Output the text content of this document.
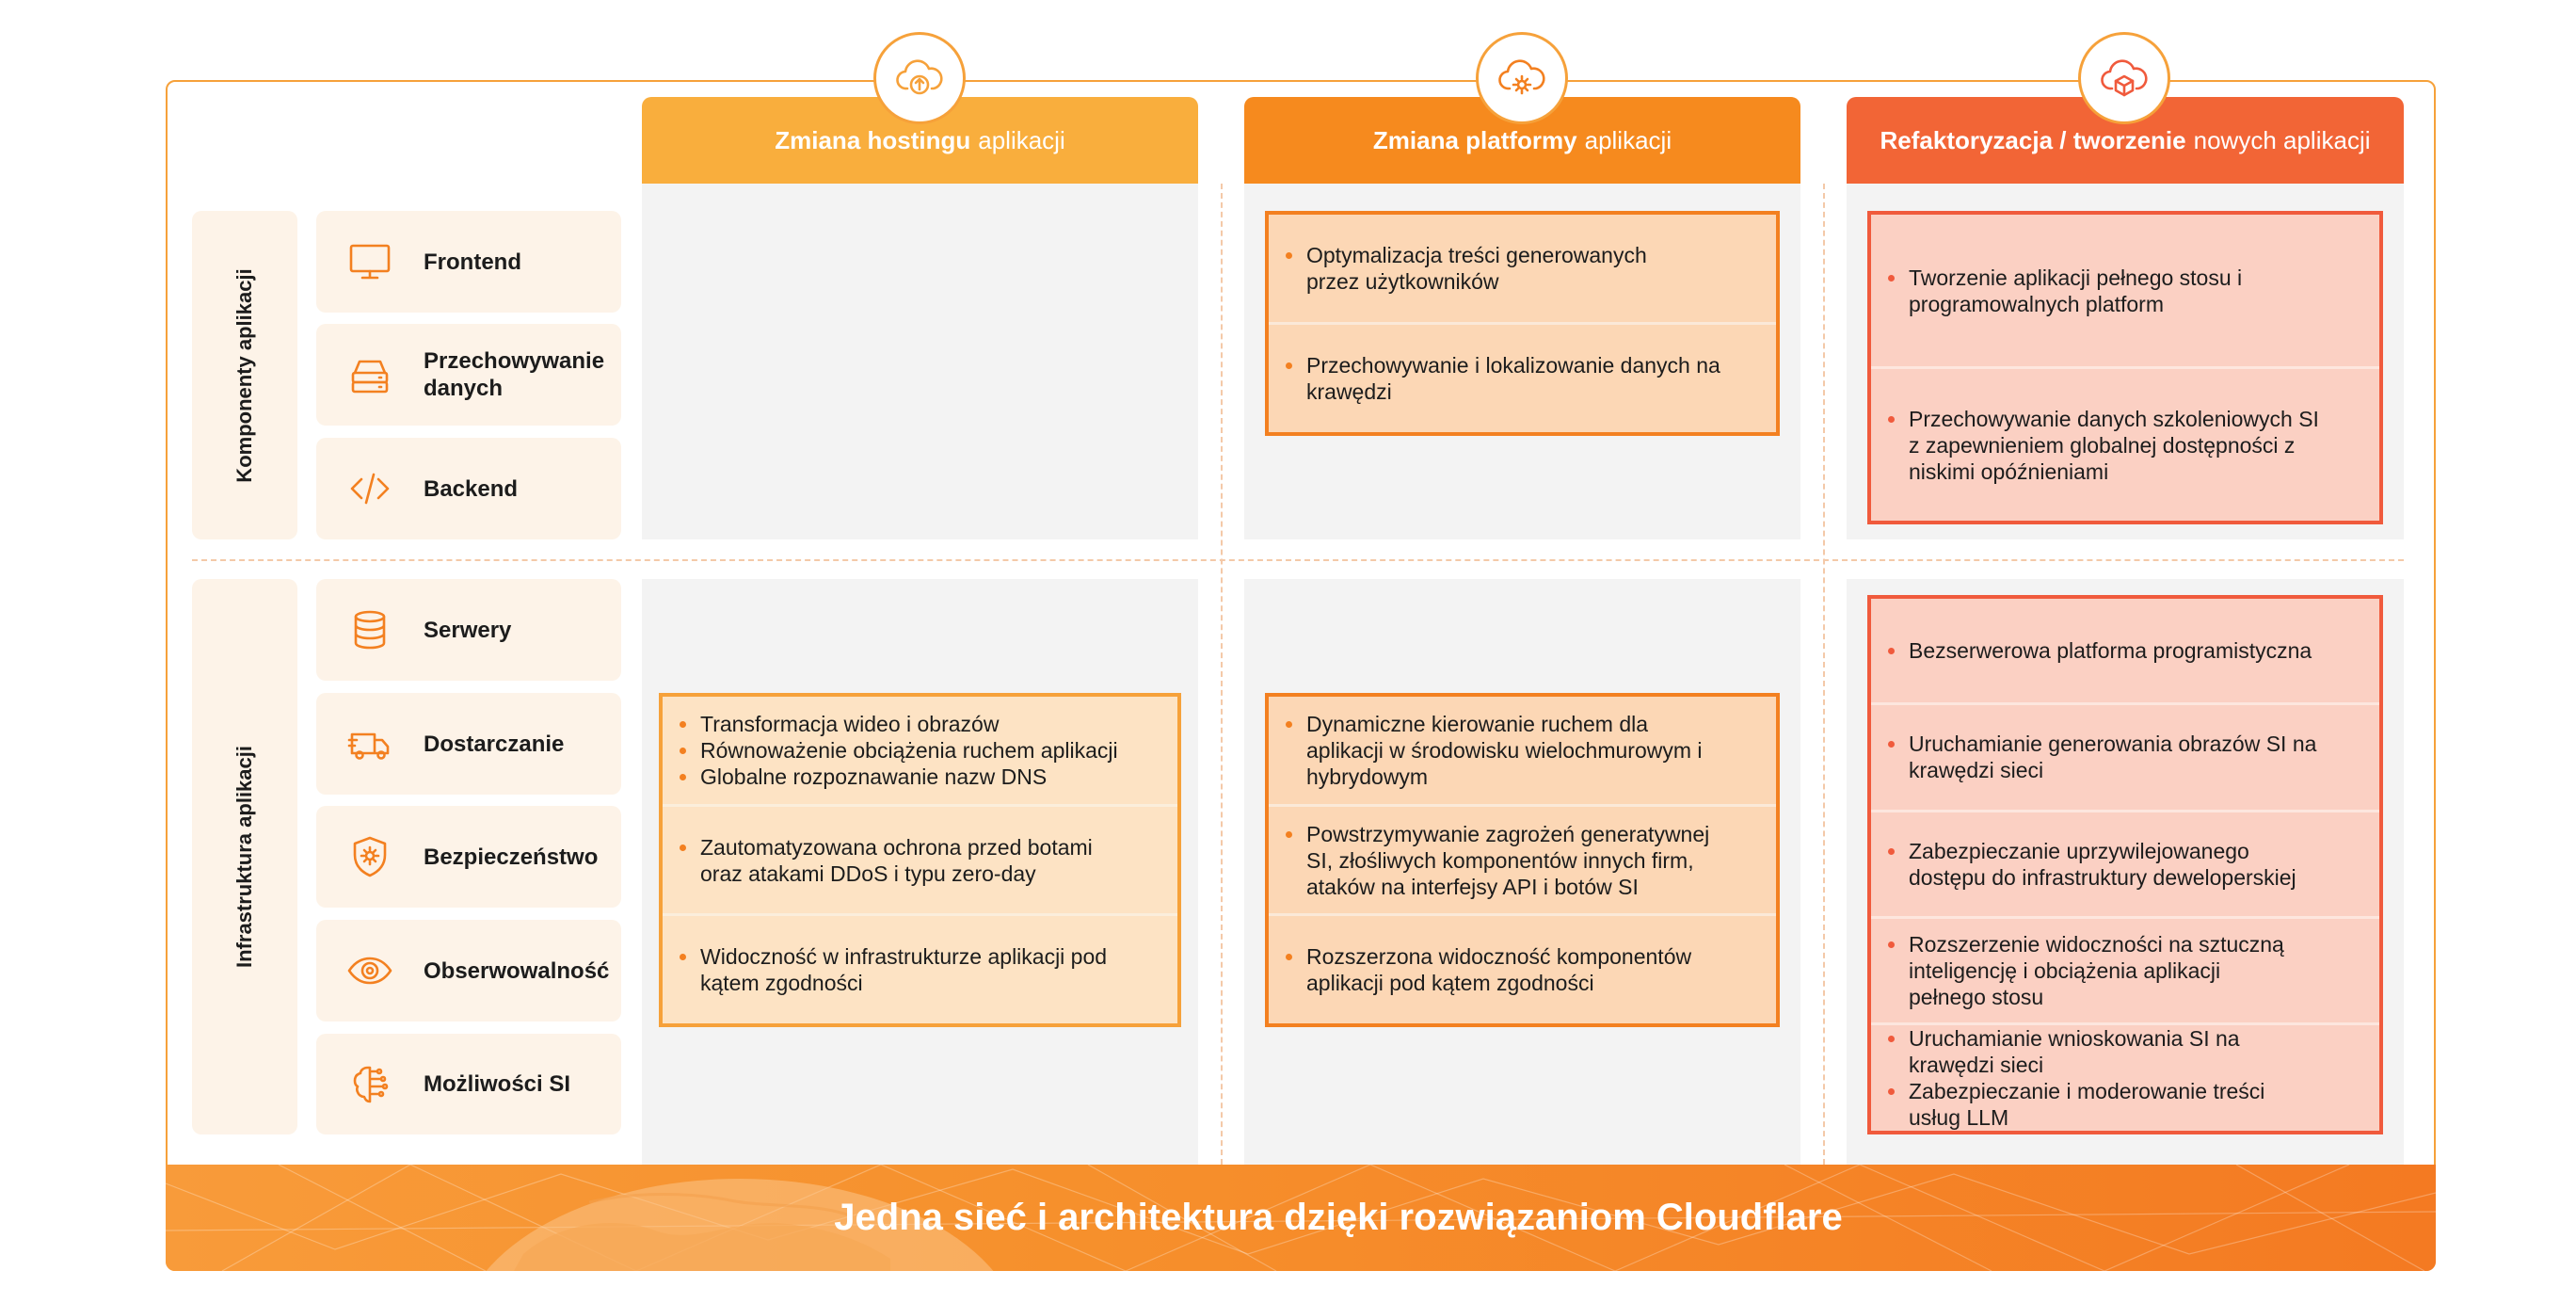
Zmiana hostingu aplikacji	Zmiana platformy aplikacji	Refaktoryzacja / tworzenie nowych aplikacji
Komponenty aplikacji
Infrastruktura aplikacji
Frontend
Przechowywanie danych
Backend
Serwery
Dostarczanie
Bezpieczeństwo
Obserwowalność
Możliwości SI
Optymalizacja treści generowanych
przez użytkowników
Przechowywanie i lokalizowanie danych na
krawędzi
Tworzenie aplikacji pełnego stosu i
programowalnych platform
Przechowywanie danych szkoleniowych SI
z zapewnieniem globalnej dostępności z
niskimi opóźnieniami
Transformacja wideo i obrazów
Równoważenie obciążenia ruchem aplikacji
Globalne rozpoznawanie nazw DNS
Zautomatyzowana ochrona przed botami
oraz atakami DDoS i typu zero-day
Widoczność w infrastrukturze aplikacji pod
kątem zgodności
Dynamiczne kierowanie ruchem dla
aplikacji w środowisku wielochmurowym i
hybrydowym
Powstrzymywanie zagrożeń generatywnej
SI, złośliwych komponentów innych firm,
ataków na interfejsy API i botów SI
Rozszerzona widoczność komponentów
aplikacji pod kątem zgodności
Bezserwerowa platforma programistyczna
Uruchamianie generowania obrazów SI na
krawędzi sieci
Zabezpieczanie uprzywilejowanego
dostępu do infrastruktury deweloperskiej
Rozszerzenie widoczności na sztuczną
inteligencję i obciążenia aplikacji
pełnego stosu
Uruchamianie wnioskowania SI na
krawędzi sieci
Zabezpieczanie i moderowanie treści
usług LLM
Jedna sieć i architektura dzięki rozwiązaniom Cloudflare
